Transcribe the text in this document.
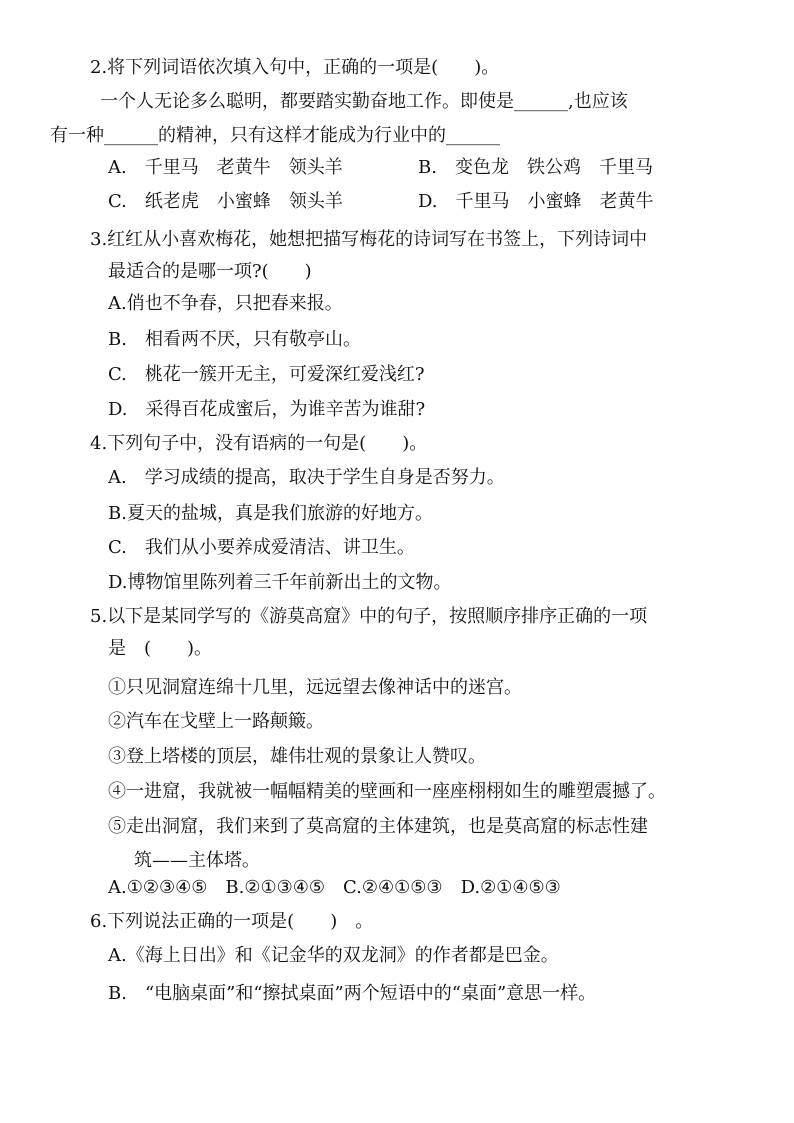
2.将下列词语依次填入句中，正确的一项是(　　)。
一个人无论多么聪明，都要踏实勤奋地工作。即使是______,也应该
有一种______的精神，只有这样才能成为行业中的______
A.　千里马　老黄牛　领头羊	B.　变色龙　铁公鸡　千里马
C.　纸老虎　小蜜蜂　领头羊	D.　千里马　小蜜蜂　老黄牛
3.红红从小喜欢梅花，她想把描写梅花的诗词写在书签上，下列诗词中
最适合的是哪一项?(　　)
A.俏也不争春，只把春来报。
B.　相看两不厌，只有敬亭山。
C.　桃花一簇开无主，可爱深红爱浅红?
D.　采得百花成蜜后，为谁辛苦为谁甜?
4.下列句子中，没有语病的一句是(　　)。
A.　学习成绩的提高，取决于学生自身是否努力。
B.夏天的盐城，真是我们旅游的好地方。
C.　我们从小要养成爱清洁、讲卫生。
D.博物馆里陈列着三千年前新出土的文物。
5.以下是某同学写的《游莫高窟》中的句子，按照顺序排序正确的一项
是　(　　)。
①只见洞窟连绵十几里，远远望去像神话中的迷宫。
②汽车在戈壁上一路颠簸。
③登上塔楼的顶层，雄伟壮观的景象让人赞叹。
④一进窟，我就被一幅幅精美的壁画和一座座栩栩如生的雕塑震撼了。
⑤走出洞窟，我们来到了莫高窟的主体建筑，也是莫高窟的标志性建
筑——主体塔。
A.①②③④⑤　B.②①③④⑤　C.②④①⑤③　D.②①④⑤③
6.下列说法正确的一项是(　　)　。
A.《海上日出》和《记金华的双龙洞》的作者都是巴金。
B.　“电脑桌面”和“擦拭桌面”两个短语中的“桌面”意思一样。
